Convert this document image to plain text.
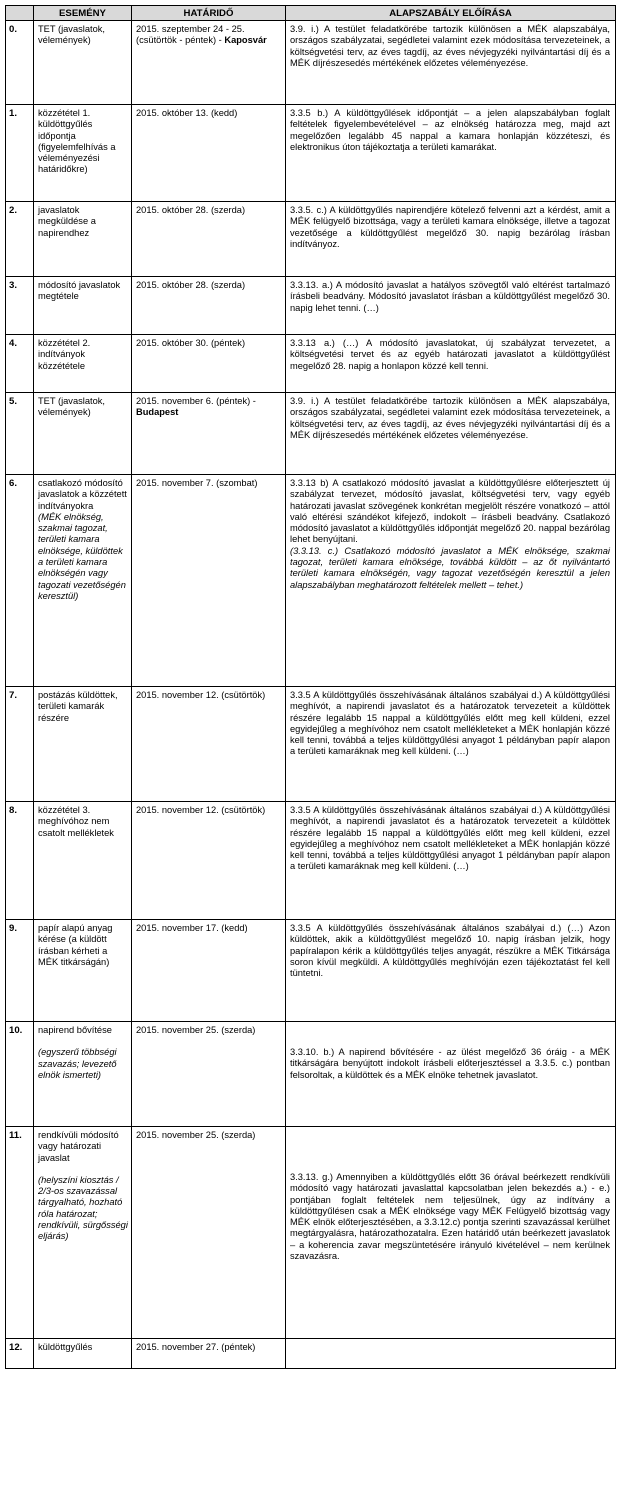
	ESEMÉNY	HATÁRIDŐ	ALAPSZABÁLY ELŐÍRÁSA
0.	TET (javaslatok, vélemények)	2015. szeptember 24 - 25. (csütörtök - péntek) - Kaposvár	3.9. i.) A testület feladatkörébe tartozik különösen a MÉK alapszabálya, országos szabályzatai, segédletei valamint ezek módosítása tervezeteinek, a költségvetési terv, az éves tagdíj, az éves névjegyzéki nyilvántartási díj és a MÉK díjrészesedés mértékének előzetes véleményezése.
1.	közzététel 1. küldöttgyűlés időpontja (figyelemfelhívás a véleményezési határidőkre)	2015. október 13. (kedd)	3.3.5 b.) A küldöttgyűlések időpontját – a jelen alapszabályban foglalt feltételek figyelembevételével – az elnökség határozza meg, majd azt megelőzően legalább 45 nappal a kamara honlapján közzéteszi, és elektronikus úton tájékoztatja a területi kamarákat.
2.	javaslatok megküldése a napirendhez	2015. október 28. (szerda)	3.3.5. c.) A küldöttgyűlés napirendjére kötelező felvenni azt a kérdést, amit a MÉK felügyelő bizottsága, vagy a területi kamara elnöksége, illetve a tagozat vezetősége a küldöttgyűlést megelőző 30. napig bezárólag írásban indítványoz.
3.	módosító javaslatok megtétele	2015. október 28. (szerda)	3.3.13. a.) A módosító javaslat a hatályos szövegtől való eltérést tartalmazó írásbeli beadvány. Módosító javaslatot írásban a küldöttgyűlést megelőző 30. napig lehet tenni. (…)
4.	közzététel 2. indítványok közzététele	2015. október 30. (péntek)	3.3.13 a.) (…) A módosító javaslatokat, új szabályzat tervezetet, a költségvetési tervet és az egyéb határozati javaslatot a küldöttgyűlést megelőző 28. napig a honlapon közzé kell tenni.
5.	TET (javaslatok, vélemények)	2015. november 6. (péntek) - Budapest	3.9. i.) A testület feladatkörébe tartozik különösen a MÉK alapszabálya, országos szabályzatai, segédletei valamint ezek módosítása tervezeteinek, a költségvetési terv, az éves tagdíj, az éves névjegyzéki nyilvántartási díj és a MÉK díjrészesedés mértékének előzetes véleményezése.
6.	csatlakozó módosító javaslatok a közzétett indítványokra
(MÉK elnökség, szakmai tagozat, területi kamara elnöksége, küldöttek a területi kamara elnökségén vagy tagozati vezetőségén keresztül)	2015. november 7. (szombat)	3.3.13 b) A csatlakozó módosító javaslat a küldöttgyűlésre előterjesztett új szabályzat tervezet, módosító javaslat, költségvetési terv, vagy egyéb határozati javaslat szövegének konkrétan megjelölt részére vonatkozó – attól való eltérési szándékot kifejező, indokolt – írásbeli beadvány. Csatlakozó módosító javaslatot a küldöttgyűlés időpontját megelőző 20. nappal bezárólag lehet benyújtani.
(3.3.13. c.) Csatlakozó módosító javaslatot a MÉK elnöksége, szakmai tagozat, területi kamara elnöksége, továbbá küldött – az őt nyilvántartó területi kamara elnökségén, vagy tagozat vezetőségén keresztül a jelen alapszabályban meghatározott feltételek mellett – tehet.)

7.	postázás küldöttek, területi kamarák részére	2015. november 12. (csütörtök)	3.3.5 A küldöttgyűlés összehívásának általános szabályai d.) A küldöttgyűlési meghívót, a napirendi javaslatot és a határozatok tervezeteit a küldöttek részére legalább 15 nappal a küldöttgyűlés előtt meg kell küldeni, ezzel egyidejűleg a meghívóhoz nem csatolt mellékleteket a MÉK honlapján közzé kell tenni, továbbá a teljes küldöttgyűlési anyagot 1 példányban papír alapon a területi kamaráknak meg kell küldeni. (…)
8.	közzététel 3. meghívóhoz nem csatolt mellékletek	2015. november 12. (csütörtök)	3.3.5 A küldöttgyűlés összehívásának általános szabályai d.) A küldöttgyűlési meghívót, a napirendi javaslatot és a határozatok tervezeteit a küldöttek részére legalább 15 nappal a küldöttgyűlés előtt meg kell küldeni, ezzel egyidejűleg a meghívóhoz nem csatolt mellékleteket a MÉK honlapján közzé kell tenni, továbbá a teljes küldöttgyűlési anyagot 1 példányban papír alapon a területi kamaráknak meg kell küldeni. (…)
9.	papír alapú anyag kérése (a küldött írásban kérheti a MÉK titkárságán)	2015. november 17. (kedd)	3.3.5 A küldöttgyűlés összehívásának általános szabályai d.) (…) Azon küldöttek, akik a küldöttgyűlést megelőző 10. napig írásban jelzik, hogy papíralapon kérik a küldöttgyűlés teljes anyagát, részükre a MÉK Titkársága soron kívül megküldi. A küldöttgyűlés meghívóján ezen tájékoztatást fel kell tüntetni.
10.	napirend bővítése
(egyszerű többségi szavazás; levezető elnök ismerteti)	2015. november 25. (szerda)	3.3.10. b.) A napirend bővítésére - az ülést megelőző 36 óráig - a MÉK titkárságára benyújtott indokolt írásbeli előterjesztéssel a 3.3.5. c.) pontban felsoroltak, a küldöttek és a MÉK elnöke tehetnek javaslatot.

11.	rendkívüli módosító vagy határozati javaslat
(helyszíni kiosztás / 2/3-os szavazással tárgyalható, hozható róla határozat; rendkívüli, sürgősségi eljárás)	2015. november 25. (szerda)	3.3.13. g.) Amennyiben a küldöttgyűlés előtt 36 órával beérkezett rendkívüli módosító vagy határozati javaslattal kapcsolatban jelen bekezdés a.) - e.) pontjában foglalt feltételek nem teljesülnek, úgy az indítvány a küldöttgyűlésen csak a MÉK elnöksége vagy MÉK Felügyelő bizottság vagy MÉK elnök előterjesztésében, a 3.3.12.c) pontja szerinti szavazással kerülhet megtárgyalásra, határozathozatalra. Ezen határidő után beérkezett javaslatok – a koherencia zavar megszüntetésére irányuló kivételével – nem kerülnek szavazásra.

12.	küldöttgyűlés	2015. november 27. (péntek)	
